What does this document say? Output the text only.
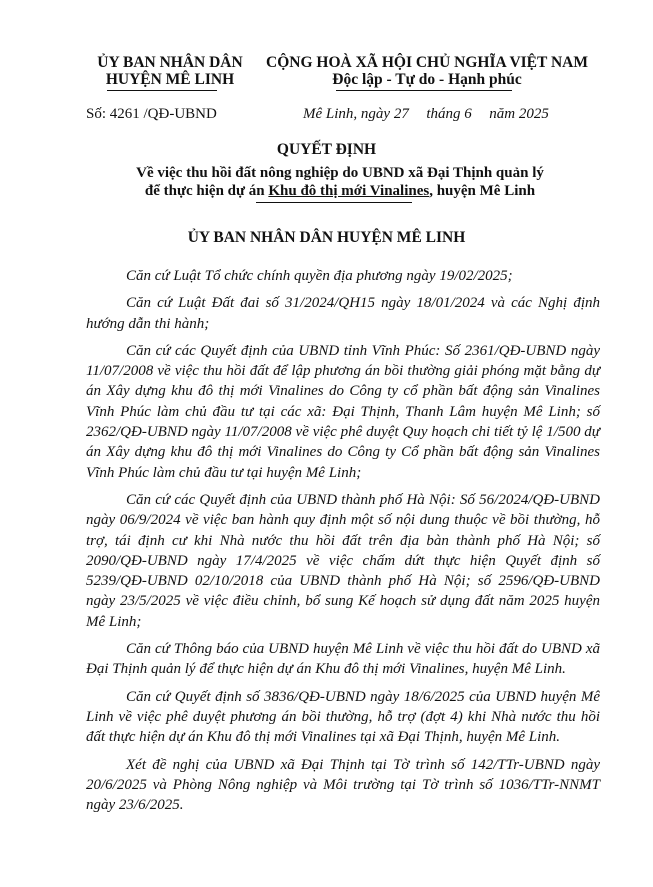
ỦY BAN NHÂN DÂN
HUYỆN MÊ LINH
CỘNG HOÀ XÃ HỘI CHỦ NGHĨA VIỆT NAM
Độc lập - Tự do - Hạnh phúc
Số: 4261 /QĐ-UBND	Mê Linh, ngày 27 tháng 6 năm 2025
QUYẾT ĐỊNH
Về việc thu hồi đất nông nghiệp do UBND xã Đại Thịnh quản lý
để thực hiện dự án Khu đô thị mới Vinalines, huyện Mê Linh
ỦY BAN NHÂN DÂN HUYỆN MÊ LINH

Căn cứ Luật Tổ chức chính quyền địa phương ngày 19/02/2025;

Căn cứ Luật Đất đai số 31/2024/QH15 ngày 18/01/2024 và các Nghị định hướng dẫn thi hành;

Căn cứ các Quyết định của UBND tỉnh Vĩnh Phúc: Số 2361/QĐ-UBND ngày 11/07/2008 về việc thu hồi đất để lập phương án bồi thường giải phóng mặt bằng dự án Xây dựng khu đô thị mới Vinalines do Công ty cổ phần bất động sản Vinalines Vĩnh Phúc làm chủ đầu tư tại các xã: Đại Thịnh, Thanh Lâm huyện Mê Linh; số 2362/QĐ-UBND ngày 11/07/2008 về việc phê duyệt Quy hoạch chi tiết tỷ lệ 1/500 dự án Xây dựng khu đô thị mới Vinalines do Công ty Cổ phần bất động sản Vinalines Vĩnh Phúc làm chủ đầu tư tại huyện Mê Linh;

Căn cứ các Quyết định của UBND thành phố Hà Nội: Số 56/2024/QĐ-UBND ngày 06/9/2024 về việc ban hành quy định một số nội dung thuộc về bồi thường, hỗ trợ, tái định cư khi Nhà nước thu hồi đất trên địa bàn thành phố Hà Nội; số 2090/QĐ-UBND ngày 17/4/2025 về việc chấm dứt thực hiện Quyết định số 5239/QĐ-UBND 02/10/2018 của UBND thành phố Hà Nội; số 2596/QĐ-UBND ngày 23/5/2025 về việc điều chỉnh, bổ sung Kế hoạch sử dụng đất năm 2025 huyện Mê Linh;

Căn cứ Thông báo của UBND huyện Mê Linh về việc thu hồi đất do UBND xã Đại Thịnh quản lý để thực hiện dự án Khu đô thị mới Vinalines, huyện Mê Linh.

Căn cứ Quyết định số 3836/QĐ-UBND ngày 18/6/2025 của UBND huyện Mê Linh về việc phê duyệt phương án bồi thường, hỗ trợ (đợt 4) khi Nhà nước thu hồi đất thực hiện dự án Khu đô thị mới Vinalines tại xã Đại Thịnh, huyện Mê Linh.

Xét đề nghị của UBND xã Đại Thịnh tại Tờ trình số 142/TTr-UBND ngày 20/6/2025 và Phòng Nông nghiệp và Môi trường tại Tờ trình số 1036/TTr-NNMT ngày 23/6/2025.
